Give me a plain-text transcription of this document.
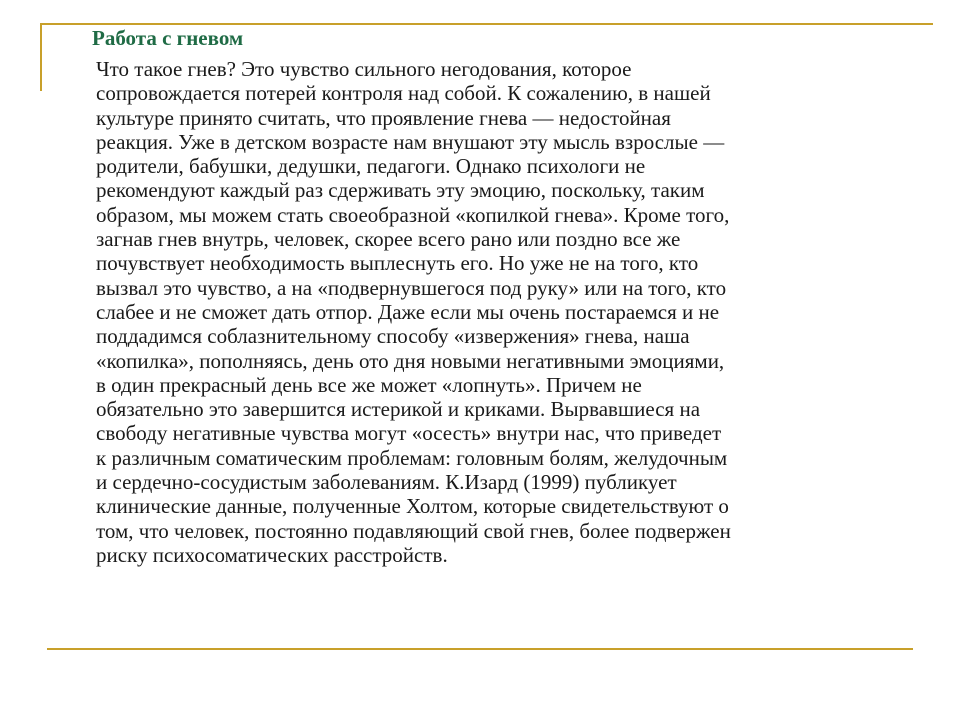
Работа с гневом
Что такое гнев? Это чувство сильного негодования, которое
сопровождается потерей контроля над собой. К сожалению, в нашей
культуре принято считать, что проявление гнева — недостойная
реакция. Уже в детском возрасте нам внушают эту мысль взрослые —
родители, бабушки, дедушки, педагоги. Однако психологи не
рекомендуют каждый раз сдерживать эту эмоцию, поскольку, таким
образом, мы можем стать своеобразной «копилкой гнева». Кроме того,
загнав гнев внутрь, человек, скорее всего рано или поздно все же
почувствует необходимость выплеснуть его. Но уже не на того, кто
вызвал это чувство, а на «подвернувшегося под руку» или на того, кто
слабее и не сможет дать отпор. Даже если мы очень постараемся и не
поддадимся соблазнительному способу «извержения» гнева, наша
«копилка», пополняясь, день ото дня новыми негативными эмоциями,
в один прекрасный день все же может «лопнуть». Причем не
обязательно это завершится истерикой и криками. Вырвавшиеся на
свободу негативные чувства могут «осесть» внутри нас, что приведет
к различным соматическим проблемам: головным болям, желудочным
и сердечно-сосудистым заболеваниям. К.Изард (1999) публикует
клинические данные, полученные Холтом, которые свидетельствуют о
том, что человек, постоянно подавляющий свой гнев, более подвержен
риску психосоматических расстройств.
